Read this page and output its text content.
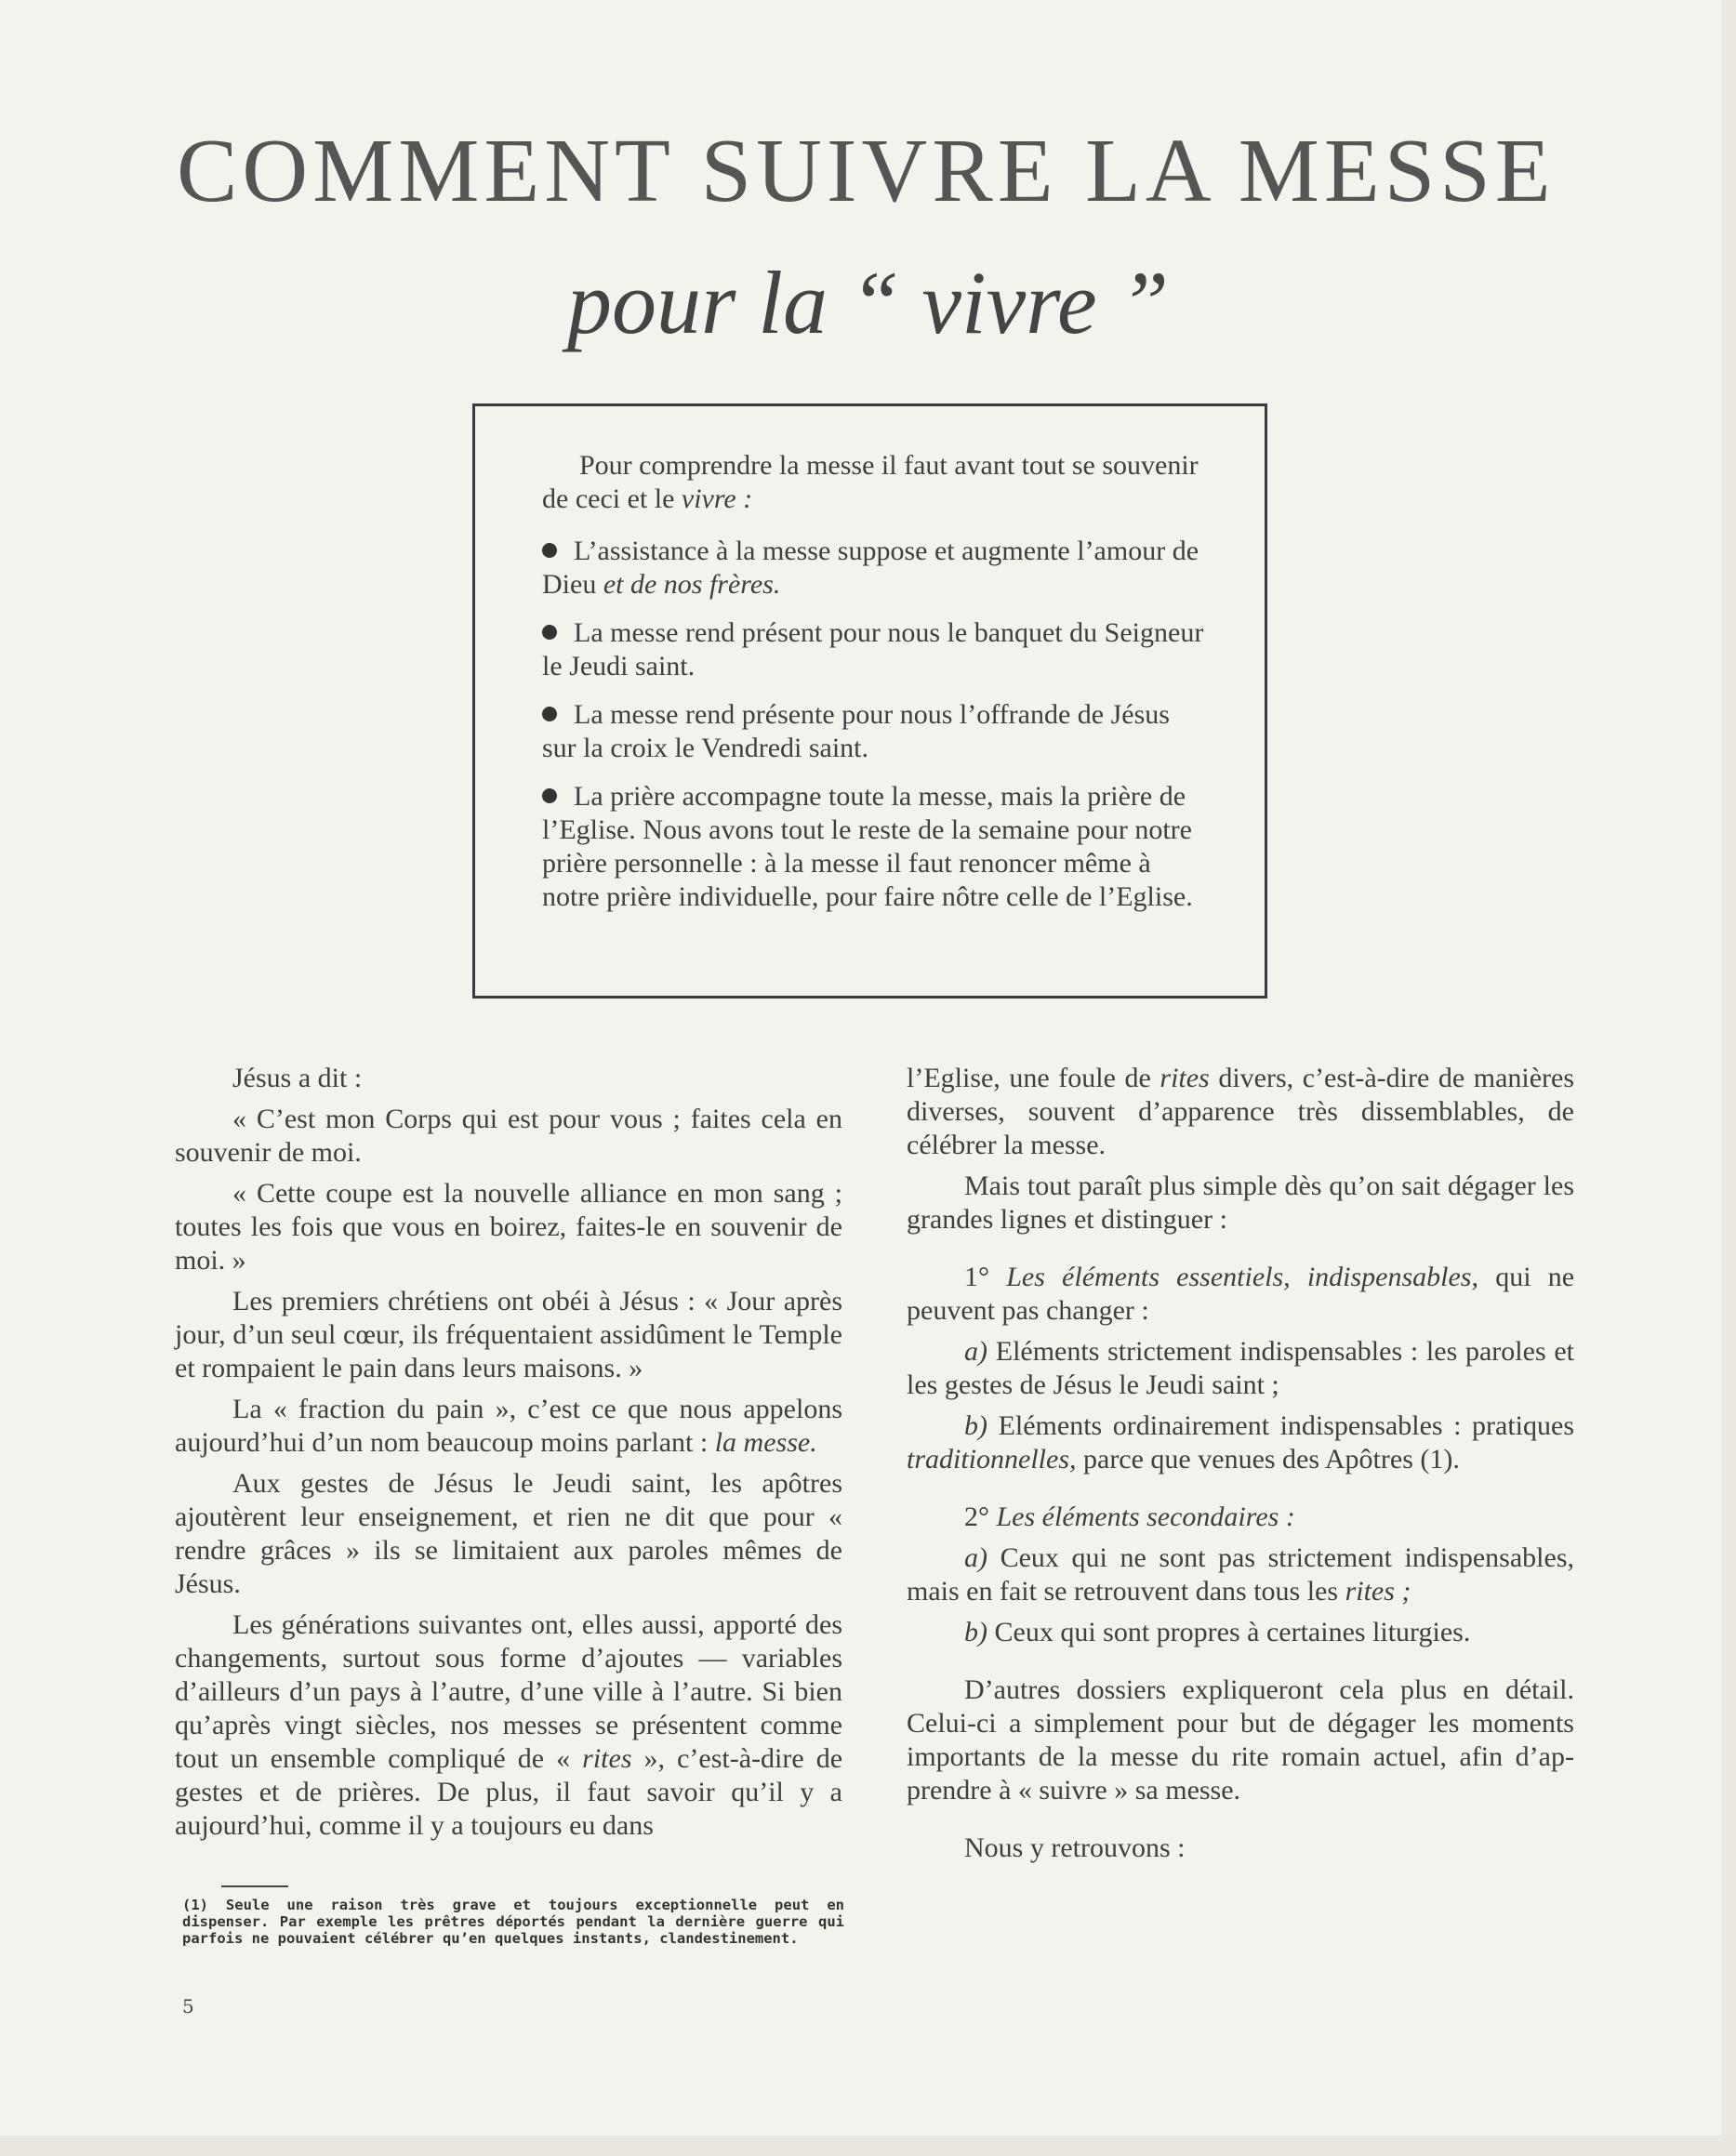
COMMENT SUIVRE LA MESSE
pour la “ vivre ”

Pour comprendre la messe il faut avant tout se souvenir de ceci et le vivre :

L’assistance à la messe suppose et augmente l’amour de Dieu et de nos frères.

La messe rend présent pour nous le banquet du Seigneur le Jeudi saint.

La messe rend présente pour nous l’offrande de Jésus sur la croix le Vendredi saint.

La prière accompagne toute la messe, mais la prière de l’Eglise. Nous avons tout le reste de la semaine pour notre prière personnelle : à la messe il faut renoncer même à notre prière individuelle, pour faire nôtre celle de l’Eglise.

Jésus a dit :

« C’est mon Corps qui est pour vous ; faites cela en souvenir de moi.

« Cette coupe est la nouvelle alliance en mon sang ; toutes les fois que vous en boirez, faites-le en souvenir de moi. »

Les premiers chrétiens ont obéi à Jésus : « Jour après jour, d’un seul cœur, ils fréquentaient assidûment le Temple et rompaient le pain dans leurs maisons. »

La « fraction du pain », c’est ce que nous appelons aujourd’hui d’un nom beaucoup moins parlant : la messe.

Aux gestes de Jésus le Jeudi saint, les apôtres ajoutèrent leur enseignement, et rien ne dit que pour « rendre grâces » ils se limitaient aux paroles mêmes de Jésus.

Les générations suivantes ont, elles aussi, apporté des changements, surtout sous forme d’ajoutes — variables d’ailleurs d’un pays à l’autre, d’une ville à l’autre. Si bien qu’après vingt siècles, nos messes se présentent comme tout un ensemble compliqué de « rites », c’est-à-dire de gestes et de prières. De plus, il faut savoir qu’il y a aujourd’hui, comme il y a toujours eu dans

l’Eglise, une foule de rites divers, c’est-à-dire de manières diverses, souvent d’apparence très dissemblables, de célébrer la messe.

Mais tout paraît plus simple dès qu’on sait dégager les grandes lignes et distinguer :

1° Les éléments essentiels, indispensables, qui ne peuvent pas changer :

a) Eléments strictement indispensables : les paroles et les gestes de Jésus le Jeudi saint ;

b) Eléments ordinairement indispensables : pratiques traditionnelles, parce que venues des Apôtres (1).

2° Les éléments secondaires :

a) Ceux qui ne sont pas strictement indispensables, mais en fait se retrouvent dans tous les rites ;

b) Ceux qui sont propres à certaines liturgies.

D’autres dossiers expliqueront cela plus en détail. Celui-ci a simplement pour but de dégager les moments importants de la messe du rite romain actuel, afin d’apprendre à « suivre » sa messe.

Nous y retrouvons :

(1) Seule une raison très grave et toujours exceptionnelle peut en dispenser. Par exemple les prêtres déportés pendant la dernière guerre qui parfois ne pouvaient célébrer qu’en quelques instants, clandestinement.

5
